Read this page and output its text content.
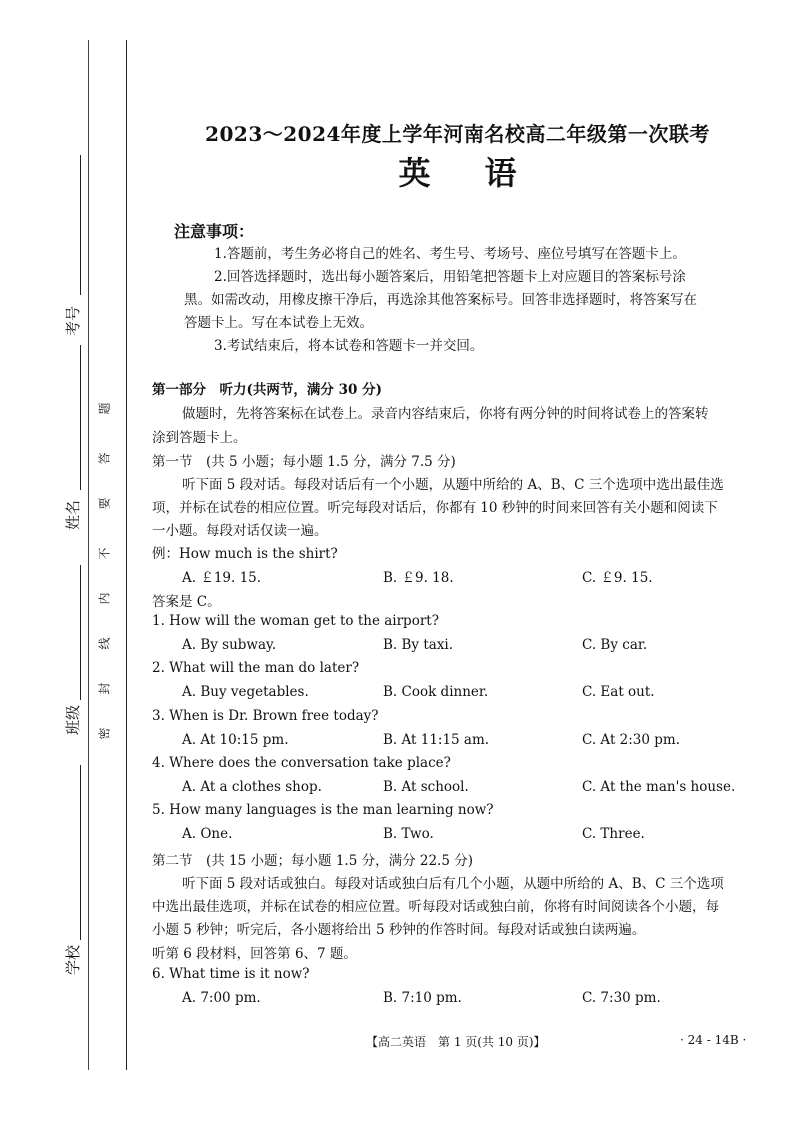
考号
姓名
班级
学校
密
封
线
内
不
要
答
题
2023～2024年度上学年河南名校高二年级第一次联考
英语
注意事项：
1.答题前，考生务必将自己的姓名、考生号、考场号、座位号填写在答题卡上。
2.回答选择题时，选出每小题答案后，用铅笔把答题卡上对应题目的答案标号涂
黑。如需改动，用橡皮擦干净后，再选涂其他答案标号。回答非选择题时，将答案写在
答题卡上。写在本试卷上无效。
3.考试结束后，将本试卷和答题卡一并交回。
第一部分　听力(共两节，满分 30 分)
做题时，先将答案标在试卷上。录音内容结束后，你将有两分钟的时间将试卷上的答案转
涂到答题卡上。
第一节　(共 5 小题；每小题 1.5 分，满分 7.5 分)
听下面 5 段对话。每段对话后有一个小题，从题中所给的 A、B、C 三个选项中选出最佳选
项，并标在试卷的相应位置。听完每段对话后，你都有 10 秒钟的时间来回答有关小题和阅读下
一小题。每段对话仅读一遍。
例：How much is the shirt?
A. ￡19. 15.	B. ￡9. 18.	C. ￡9. 15.
答案是 C。
1. How will the woman get to the airport?
A. By subway.	B. By taxi.	C. By car.
2. What will the man do later?
A. Buy vegetables.	B. Cook dinner.	C. Eat out.
3. When is Dr. Brown free today?
A. At 10:15 pm.	B. At 11:15 am.	C. At 2:30 pm.
4. Where does the conversation take place?
A. At a clothes shop.	B. At school.	C. At the man's house.
5. How many languages is the man learning now?
A. One.	B. Two.	C. Three.
第二节　(共 15 小题；每小题 1.5 分，满分 22.5 分)
听下面 5 段对话或独白。每段对话或独白后有几个小题，从题中所给的 A、B、C 三个选项
中选出最佳选项，并标在试卷的相应位置。听每段对话或独白前，你将有时间阅读各个小题，每
小题 5 秒钟；听完后，各小题将给出 5 秒钟的作答时间。每段对话或独白读两遍。
听第 6 段材料，回答第 6、7 题。
6. What time is it now?
A. 7:00 pm.	B. 7:10 pm.	C. 7:30 pm.
【高二英语　第 1 页(共 10 页)】	· 24 - 14B ·
